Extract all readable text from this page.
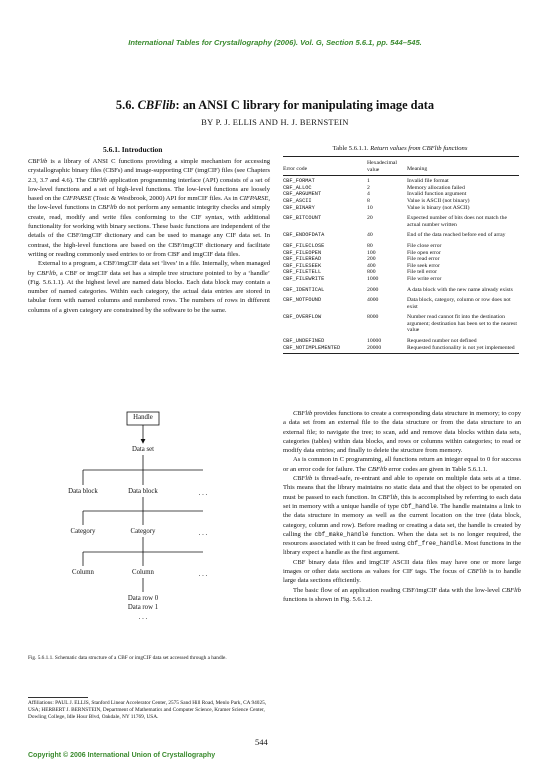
International Tables for Crystallography (2006). Vol. G, Section 5.6.1, pp. 544–545.
5.6. CBFlib: an ANSI C library for manipulating image data
BY P. J. ELLIS AND H. J. BERNSTEIN
5.6.1. Introduction	Table 5.6.1.1. Return values from CBFlib functions

CBFlib is a library of ANSI C functions providing a simple mechanism for accessing crystallographic binary files (CBFs) and image-supporting CIF (imgCIF) files (see Chapters 2.3, 3.7 and 4.6). The CBFlib application programming interface (API) consists of a set of low-level functions and a set of high-level functions. The low-level functions are loosely based on the CIFPARSE (Tosic & Westbrook, 2000) API for mmCIF files. As in CIFPARSE, the low-level functions in CBFlib do not perform any semantic integrity checks and simply create, read, modify and write files conforming to the CIF syntax, with additional functionality for working with binary sections. These basic functions are independent of the details of the CBF/imgCIF dictionary and can be used to manage any CIF data set. In contrast, the high-level functions are based on the CBF/imgCIF dictionary and facilitate writing or reading commonly used entries to or from CBF and imgCIF data files.

External to a program, a CBF/imgCIF data set ‘lives’ in a file. Internally, when managed by CBFlib, a CBF or imgCIF data set has a simple tree structure pointed to by a ‘handle’ (Fig. 5.6.1.1). At the highest level are named data blocks. Each data block may contain a number of named categories. Within each category, the actual data entries are stored in tabular form with named columns and numbered rows. The numbers of rows in different columns of a given category are constrained by the software to be the same.

Error code
Hexadecimal value	Meaning
CBF_FORMAT	1	Invalid file format
CBF_ALLOC	2	Memory allocation failed
CBF_ARGUMENT	4	Invalid function argument
CBF_ASCII	8	Value is ASCII (not binary)
CBF_BINARY	10	Value is binary (not ASCII)
CBF_BITCOUNT	20	Expected number of bits does not match the actual number written
CBF_ENDOFDATA	40	End of the data reached before end of array
CBF_FILECLOSE	80	File close error
CBF_FILEOPEN	100	File open error
CBF_FILEREAD	200	File read error
CBF_FILESEEK	400	File seek error
CBF_FILETELL	800	File tell error
CBF_FILEWRITE	1000	File write error
CBF_IDENTICAL	2000	A data block with the new name already exists
CBF_NOTFOUND	4000	Data block, category, column or row does not exist
CBF_OVERFLOW	8000	Number read cannot fit into the destination argument; destination has been set to the nearest value
CBF_UNDEFINED	10000	Requested number not defined
CBF_NOTIMPLEMENTED	20000	Requested functionality is not yet implemented

CBFlib provides functions to create a corresponding data structure in memory; to copy a data set from an external file to the data structure or from the data structure to an external file; to navigate the tree; to scan, add and remove data blocks within data sets, categories (tables) within data blocks, and rows or columns within categories; to read or modify data entries; and finally to delete the structure from memory.

As is common in C programming, all functions return an integer equal to 0 for success or an error code for failure. The CBFlib error codes are given in Table 5.6.1.1.

CBFlib is thread-safe, re-entrant and able to operate on multiple data sets at a time. This means that the library maintains no static data and that the object to be operated on must be passed to each function. In CBFlib, this is accomplished by referring to each data set in memory with a unique handle of type cbf_handle. The handle maintains a link to the data structure in memory as well as the current location on the tree (data block, category, column and row). Before reading or creating a data set, the handle is created by calling the cbf_make_handle function. When the data set is no longer required, the resources associated with it can be freed using cbf_free_handle. Most functions in the library expect a handle as the first argument.

CBF binary data files and imgCIF ASCII data files may have one or more large images or other data sections as values for CIF tags. The focus of CBFlib is to handle large data sections efficiently.

The basic flow of an application reading CBF/imgCIF data with the low-level CBFlib functions is shown in Fig. 5.6.1.2.

Handle
Data set
Data block	Data block	. . .
Category	Category	. . .
Column	Column	. . .
Data row 0
Data row 1
. . .
Fig. 5.6.1.1. Schematic data structure of a CBF or imgCIF data set accessed through a handle.
Affiliations: PAUL J. ELLIS, Stanford Linear Accelerator Center, 2575 Sand Hill Road, Menlo Park, CA 94025, USA; HERBERT J. BERNSTEIN, Department of Mathematics and Computer Science, Kramer Science Center, Dowling College, Idle Hour Blvd, Oakdale, NY 11769, USA.
544
Copyright © 2006 International Union of Crystallography
